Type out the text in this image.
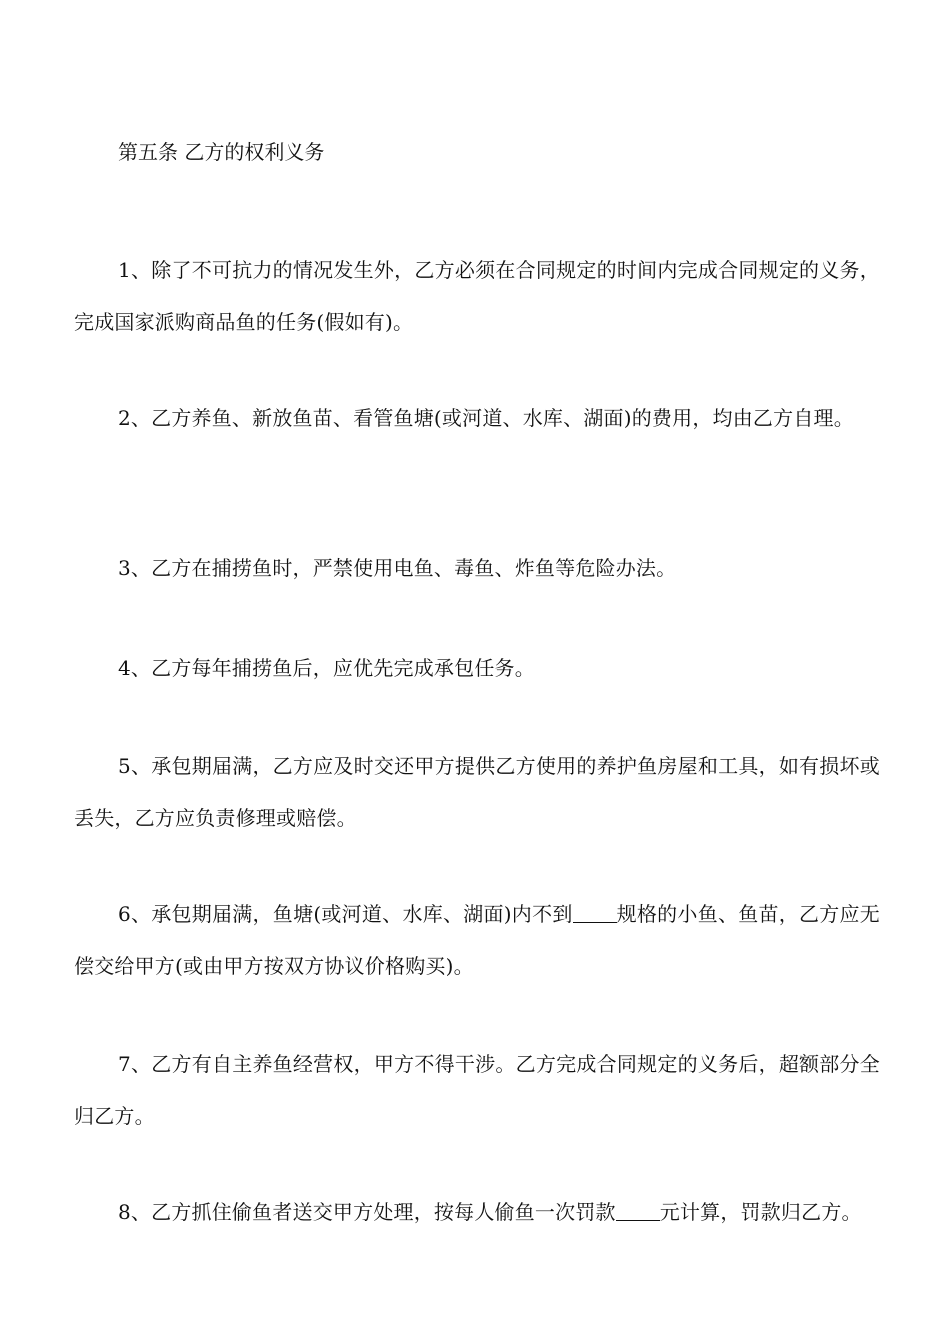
第五条 乙方的权利义务

1、除了不可抗力的情况发生外，乙方必须在合同规定的时间内完成合同规定的义务，完成国家派购商品鱼的任务(假如有)。

2、乙方养鱼、新放鱼苗、看管鱼塘(或河道、水库、湖面)的费用，均由乙方自理。

3、乙方在捕捞鱼时，严禁使用电鱼、毒鱼、炸鱼等危险办法。

4、乙方每年捕捞鱼后，应优先完成承包任务。

5、承包期届满，乙方应及时交还甲方提供乙方使用的养护鱼房屋和工具，如有损坏或丢失，乙方应负责修理或赔偿。

6、承包期届满，鱼塘(或河道、水库、湖面)内不到 规格的小鱼、鱼苗，乙方应无偿交给甲方(或由甲方按双方协议价格购买)。

7、乙方有自主养鱼经营权，甲方不得干涉。乙方完成合同规定的义务后，超额部分全归乙方。

8、乙方抓住偷鱼者送交甲方处理，按每人偷鱼一次罚款 元计算，罚款归乙方。
